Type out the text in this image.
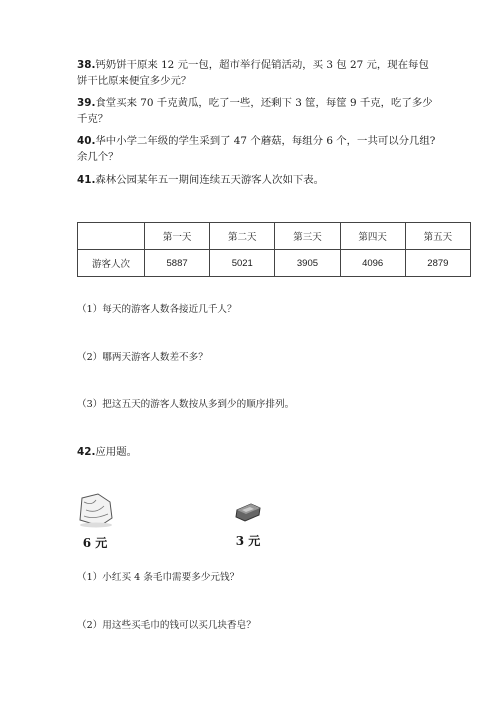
38.钙奶饼干原来 12 元一包，超市举行促销活动，买 3 包 27 元，现在每包饼干比原来便宜多少元？
39.食堂买来 70 千克黄瓜，吃了一些，还剩下 3 筐，每筐 9 千克，吃了多少千克？
40.华中小学二年级的学生采到了 47 个蘑菇，每组分 6 个，一共可以分几组?余几个？
41.森林公园某年五一期间连续五天游客人次如下表。
	第一天	第二天	第三天	第四天	第五天
游客人次	5887	5021	3905	4096	2879
（1）每天的游客人数各接近几千人？
（2）哪两天游客人数差不多？
（3）把这五天的游客人数按从多到少的顺序排列。
42.应用题。
6 元	3 元
（1）小红买 4 条毛巾需要多少元钱？
（2）用这些买毛巾的钱可以买几块香皂？
